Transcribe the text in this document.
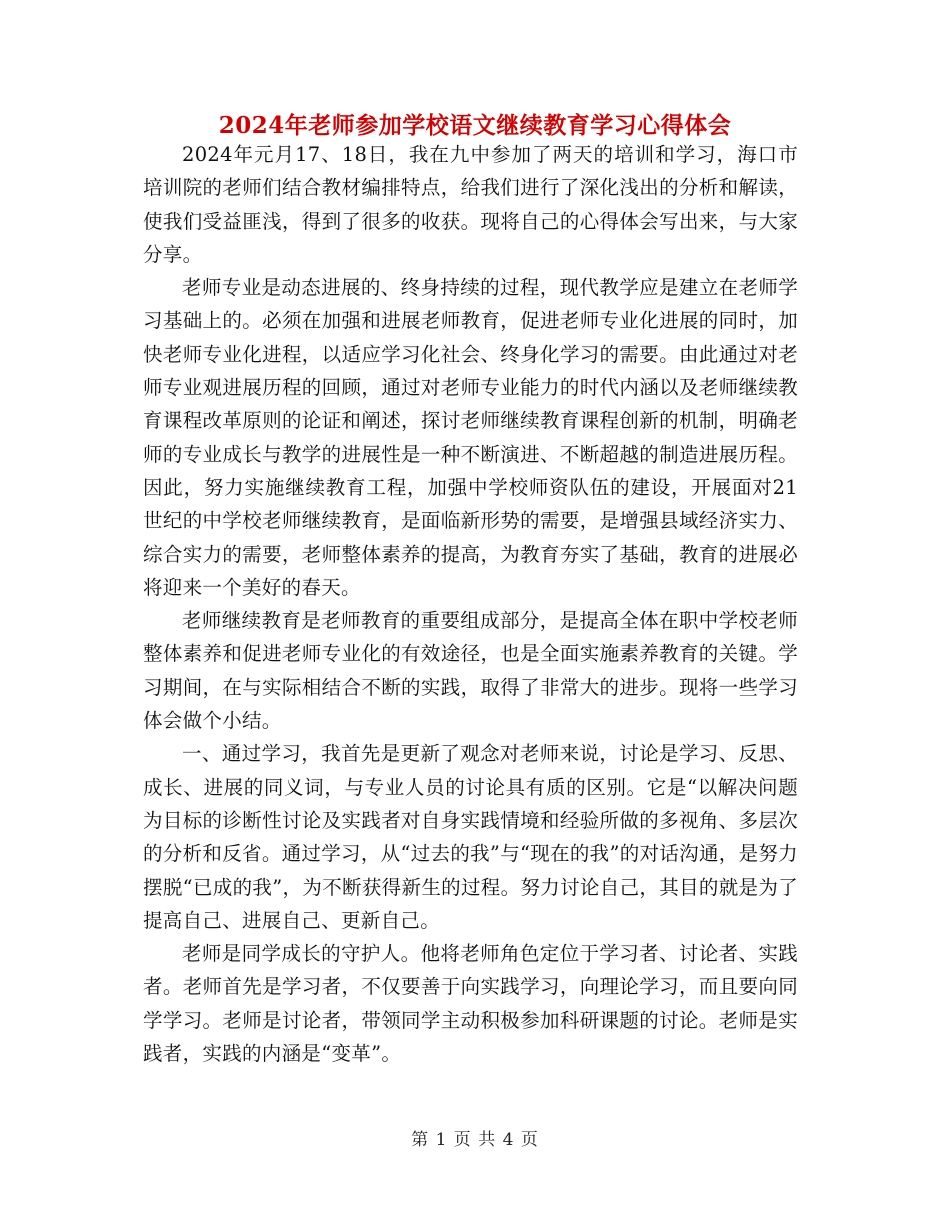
2024年老师参加学校语文继续教育学习心得体会

2024年元月17、18日，我在九中参加了两天的培训和学习，海口市培训院的老师们结合教材编排特点，给我们进行了深化浅出的分析和解读，使我们受益匪浅，得到了很多的收获。现将自己的心得体会写出来，与大家分享。

老师专业是动态进展的、终身持续的过程，现代教学应是建立在老师学习基础上的。必须在加强和进展老师教育，促进老师专业化进展的同时，加快老师专业化进程，以适应学习化社会、终身化学习的需要。由此通过对老师专业观进展历程的回顾，通过对老师专业能力的时代内涵以及老师继续教育课程改革原则的论证和阐述，探讨老师继续教育课程创新的机制，明确老师的专业成长与教学的进展性是一种不断演进、不断超越的制造进展历程。因此，努力实施继续教育工程，加强中学校师资队伍的建设，开展面对21世纪的中学校老师继续教育，是面临新形势的需要，是增强县域经济实力、综合实力的需要，老师整体素养的提高，为教育夯实了基础，教育的进展必将迎来一个美好的春天。

老师继续教育是老师教育的重要组成部分，是提高全体在职中学校老师整体素养和促进老师专业化的有效途径，也是全面实施素养教育的关键。学习期间，在与实际相结合不断的实践，取得了非常大的进步。现将一些学习体会做个小结。

一、通过学习，我首先是更新了观念对老师来说，讨论是学习、反思、成长、进展的同义词，与专业人员的讨论具有质的区别。它是“以解决问题为目标的诊断性讨论及实践者对自身实践情境和经验所做的多视角、多层次的分析和反省。通过学习，从“过去的我”与“现在的我”的对话沟通，是努力摆脱“已成的我”，为不断获得新生的过程。努力讨论自己，其目的就是为了提高自己、进展自己、更新自己。

老师是同学成长的守护人。他将老师角色定位于学习者、讨论者、实践者。老师首先是学习者，不仅要善于向实践学习，向理论学习，而且要向同学学习。老师是讨论者，带领同学主动积极参加科研课题的讨论。老师是实践者，实践的内涵是“变革”。

第 1 页 共 4 页
